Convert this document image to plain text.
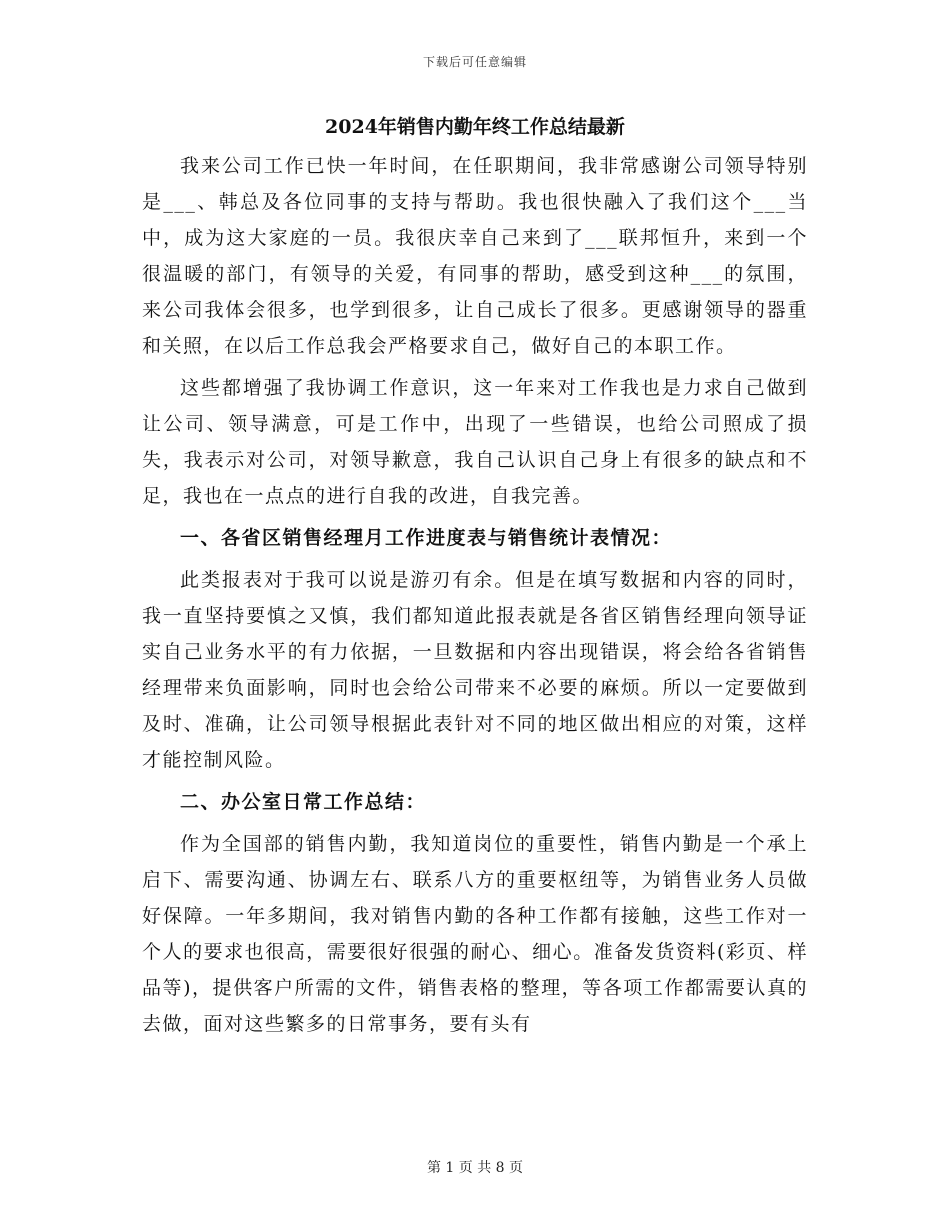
下载后可任意编辑
2024年销售内勤年终工作总结最新

我来公司工作已快一年时间，在任职期间，我非常感谢公司领导特别是___、韩总及各位同事的支持与帮助。我也很快融入了我们这个___当中，成为这大家庭的一员。我很庆幸自己来到了___联邦恒升，来到一个很温暖的部门，有领导的关爱，有同事的帮助，感受到这种___的氛围，来公司我体会很多，也学到很多，让自己成长了很多。更感谢领导的器重和关照，在以后工作总我会严格要求自己，做好自己的本职工作。

这些都增强了我协调工作意识，这一年来对工作我也是力求自己做到让公司、领导满意，可是工作中，出现了一些错误，也给公司照成了损失，我表示对公司，对领导歉意，我自己认识自己身上有很多的缺点和不足，我也在一点点的进行自我的改进，自我完善。

一、各省区销售经理月工作进度表与销售统计表情况：

此类报表对于我可以说是游刃有余。但是在填写数据和内容的同时，我一直坚持要慎之又慎，我们都知道此报表就是各省区销售经理向领导证实自己业务水平的有力依据，一旦数据和内容出现错误，将会给各省销售经理带来负面影响，同时也会给公司带来不必要的麻烦。所以一定要做到及时、准确，让公司领导根据此表针对不同的地区做出相应的对策，这样才能控制风险。

二、办公室日常工作总结：

作为全国部的销售内勤，我知道岗位的重要性，销售内勤是一个承上启下、需要沟通、协调左右、联系八方的重要枢纽等，为销售业务人员做好保障。一年多期间，我对销售内勤的各种工作都有接触，这些工作对一个人的要求也很高，需要很好很强的耐心、细心。准备发货资料(彩页、样品等)，提供客户所需的文件，销售表格的整理，等各项工作都需要认真的去做，面对这些繁多的日常事务，要有头有

第 1 页 共 8 页
